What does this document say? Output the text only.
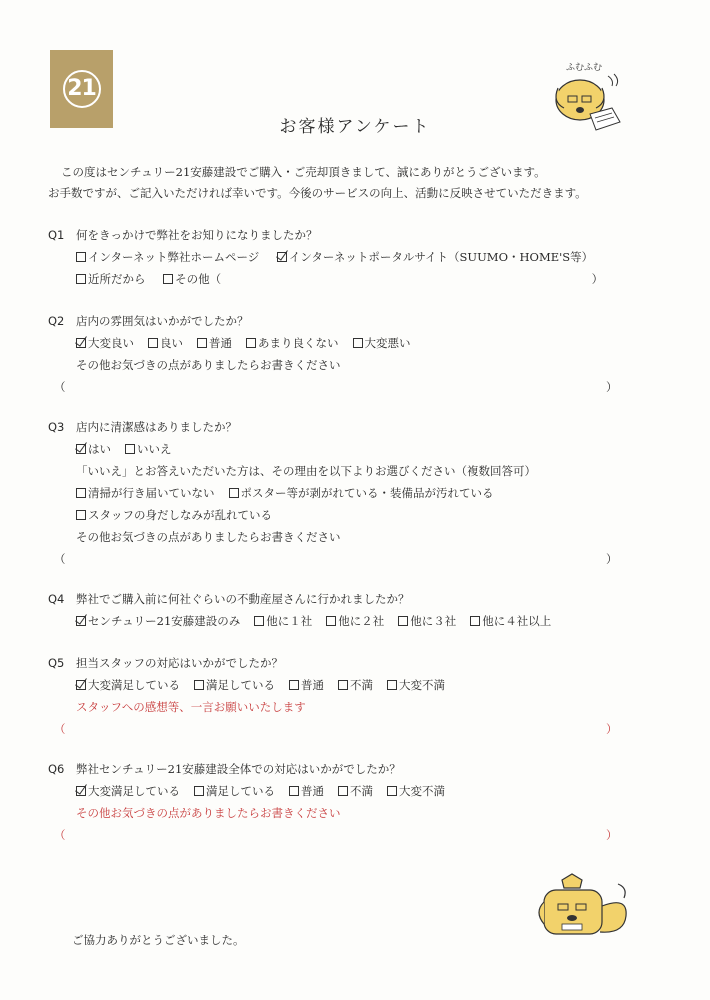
21
ふむふむ
お客様アンケート
この度はセンチュリー21安藤建設でご購入・ご売却頂きまして、誠にありがとうございます。
お手数ですが、ご記入いただければ幸いです。今後のサービスの向上、活動に反映させていただきます。
Q1	何をきっかけで弊社をお知りになりましたか？
インターネット弊社ホームページ	インターネットポータルサイト（SUUMO・HOME'S等）
近所だから	その他（	）
Q2	店内の雰囲気はいかがでしたか？
大変良い 良い 普通 あまり良くない 大変悪い
その他お気づきの点がありましたらお書きください
（	）
Q3	店内に清潔感はありましたか？
はい いいえ
「いいえ」とお答えいただいた方は、その理由を以下よりお選びください（複数回答可）
清掃が行き届いていない ポスター等が剥がれている・装備品が汚れている
スタッフの身だしなみが乱れている
その他お気づきの点がありましたらお書きください
（	）
Q4	弊社でご購入前に何社ぐらいの不動産屋さんに行かれましたか？
センチュリー21安藤建設のみ 他に１社 他に２社 他に３社 他に４社以上
Q5	担当スタッフの対応はいかがでしたか？
大変満足している 満足している 普通 不満 大変不満
スタッフへの感想等、一言お願いいたします
（	）
Q6	弊社センチュリー21安藤建設全体での対応はいかがでしたか？
大変満足している 満足している 普通 不満 大変不満
その他お気づきの点がありましたらお書きください
（	）
ご協力ありがとうございました。
